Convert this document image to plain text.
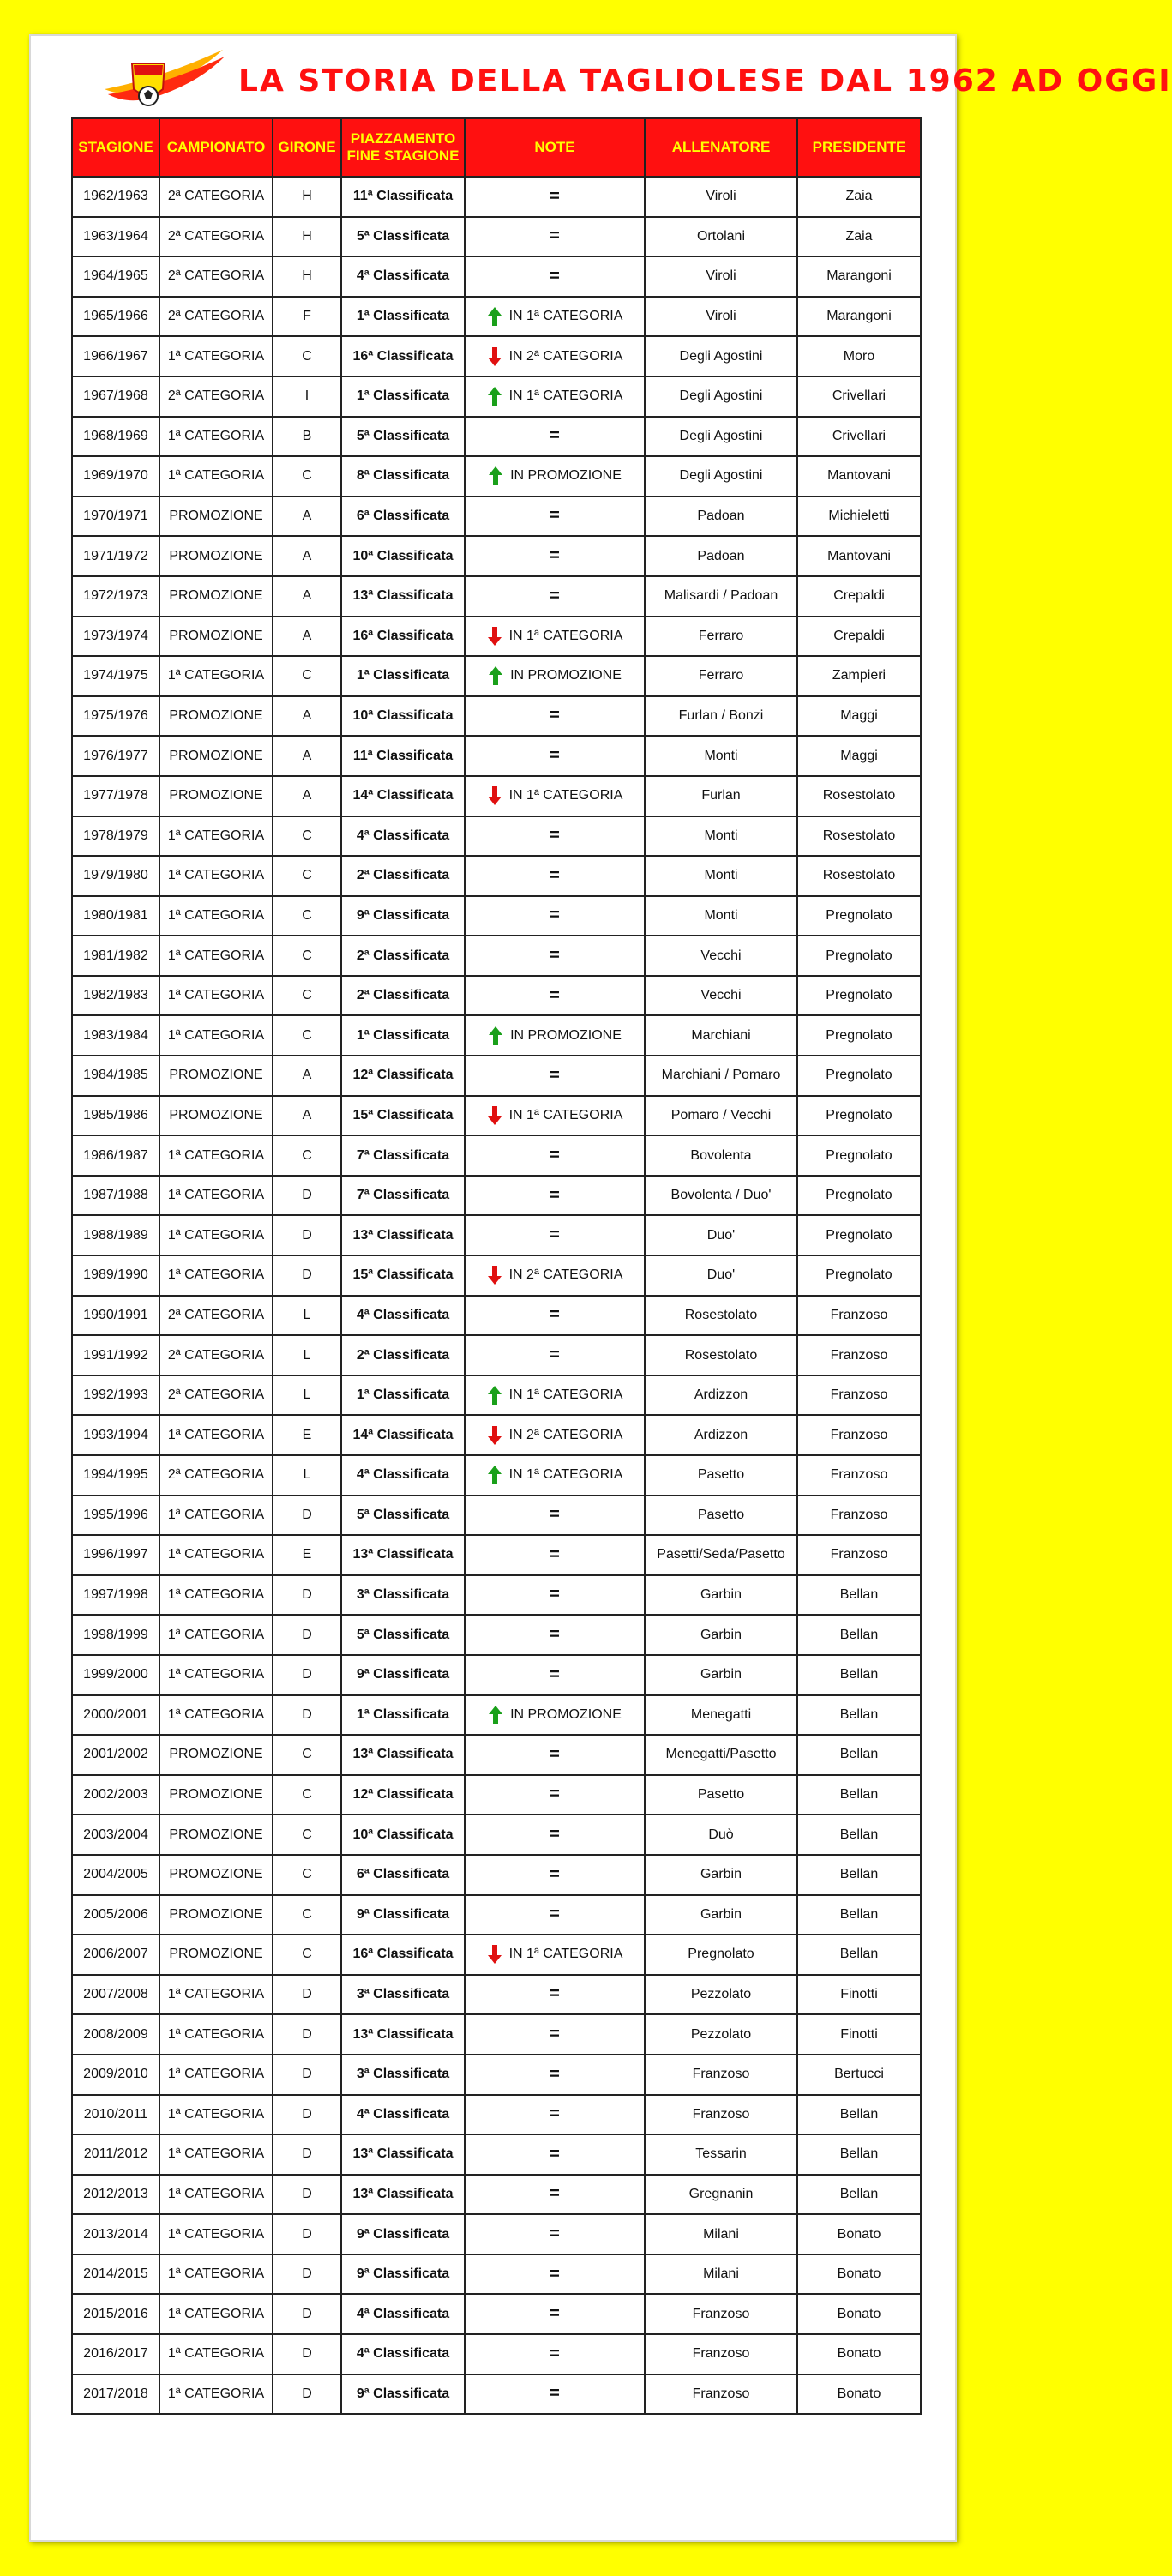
LA STORIA DELLA TAGLIOLESE DAL 1962 AD OGGI
STAGIONE	CAMPIONATO	GIRONE	PIAZZAMENTO FINE STAGIONE	NOTE	ALLENATORE	PRESIDENTE
1962/1963	2ª CATEGORIA	H	11ª Classificata	=	Viroli	Zaia
1963/1964	2ª CATEGORIA	H	5ª Classificata	=	Ortolani	Zaia
1964/1965	2ª CATEGORIA	H	4ª Classificata	=	Viroli	Marangoni
1965/1966	2ª CATEGORIA	F	1ª Classificata	IN 1ª CATEGORIA	Viroli	Marangoni
1966/1967	1ª CATEGORIA	C	16ª Classificata	IN 2ª CATEGORIA	Degli Agostini	Moro
1967/1968	2ª CATEGORIA	I	1ª Classificata	IN 1ª CATEGORIA	Degli Agostini	Crivellari
1968/1969	1ª CATEGORIA	B	5ª Classificata	=	Degli Agostini	Crivellari
1969/1970	1ª CATEGORIA	C	8ª Classificata	IN PROMOZIONE	Degli Agostini	Mantovani
1970/1971	PROMOZIONE	A	6ª Classificata	=	Padoan	Michieletti
1971/1972	PROMOZIONE	A	10ª Classificata	=	Padoan	Mantovani
1972/1973	PROMOZIONE	A	13ª Classificata	=	Malisardi / Padoan	Crepaldi
1973/1974	PROMOZIONE	A	16ª Classificata	IN 1ª CATEGORIA	Ferraro	Crepaldi
1974/1975	1ª CATEGORIA	C	1ª Classificata	IN PROMOZIONE	Ferraro	Zampieri
1975/1976	PROMOZIONE	A	10ª Classificata	=	Furlan / Bonzi	Maggi
1976/1977	PROMOZIONE	A	11ª Classificata	=	Monti	Maggi
1977/1978	PROMOZIONE	A	14ª Classificata	IN 1ª CATEGORIA	Furlan	Rosestolato
1978/1979	1ª CATEGORIA	C	4ª Classificata	=	Monti	Rosestolato
1979/1980	1ª CATEGORIA	C	2ª Classificata	=	Monti	Rosestolato
1980/1981	1ª CATEGORIA	C	9ª Classificata	=	Monti	Pregnolato
1981/1982	1ª CATEGORIA	C	2ª Classificata	=	Vecchi	Pregnolato
1982/1983	1ª CATEGORIA	C	2ª Classificata	=	Vecchi	Pregnolato
1983/1984	1ª CATEGORIA	C	1ª Classificata	IN PROMOZIONE	Marchiani	Pregnolato
1984/1985	PROMOZIONE	A	12ª Classificata	=	Marchiani / Pomaro	Pregnolato
1985/1986	PROMOZIONE	A	15ª Classificata	IN 1ª CATEGORIA	Pomaro / Vecchi	Pregnolato
1986/1987	1ª CATEGORIA	C	7ª Classificata	=	Bovolenta	Pregnolato
1987/1988	1ª CATEGORIA	D	7ª Classificata	=	Bovolenta / Duo'	Pregnolato
1988/1989	1ª CATEGORIA	D	13ª Classificata	=	Duo'	Pregnolato
1989/1990	1ª CATEGORIA	D	15ª Classificata	IN 2ª CATEGORIA	Duo'	Pregnolato
1990/1991	2ª CATEGORIA	L	4ª Classificata	=	Rosestolato	Franzoso
1991/1992	2ª CATEGORIA	L	2ª Classificata	=	Rosestolato	Franzoso
1992/1993	2ª CATEGORIA	L	1ª Classificata	IN 1ª CATEGORIA	Ardizzon	Franzoso
1993/1994	1ª CATEGORIA	E	14ª Classificata	IN 2ª CATEGORIA	Ardizzon	Franzoso
1994/1995	2ª CATEGORIA	L	4ª Classificata	IN 1ª CATEGORIA	Pasetto	Franzoso
1995/1996	1ª CATEGORIA	D	5ª Classificata	=	Pasetto	Franzoso
1996/1997	1ª CATEGORIA	E	13ª Classificata	=	Pasetti/Seda/Pasetto	Franzoso
1997/1998	1ª CATEGORIA	D	3ª Classificata	=	Garbin	Bellan
1998/1999	1ª CATEGORIA	D	5ª Classificata	=	Garbin	Bellan
1999/2000	1ª CATEGORIA	D	9ª Classificata	=	Garbin	Bellan
2000/2001	1ª CATEGORIA	D	1ª Classificata	IN PROMOZIONE	Menegatti	Bellan
2001/2002	PROMOZIONE	C	13ª Classificata	=	Menegatti/Pasetto	Bellan
2002/2003	PROMOZIONE	C	12ª Classificata	=	Pasetto	Bellan
2003/2004	PROMOZIONE	C	10ª Classificata	=	Duò	Bellan
2004/2005	PROMOZIONE	C	6ª Classificata	=	Garbin	Bellan
2005/2006	PROMOZIONE	C	9ª Classificata	=	Garbin	Bellan
2006/2007	PROMOZIONE	C	16ª Classificata	IN 1ª CATEGORIA	Pregnolato	Bellan
2007/2008	1ª CATEGORIA	D	3ª Classificata	=	Pezzolato	Finotti
2008/2009	1ª CATEGORIA	D	13ª Classificata	=	Pezzolato	Finotti
2009/2010	1ª CATEGORIA	D	3ª Classificata	=	Franzoso	Bertucci
2010/2011	1ª CATEGORIA	D	4ª Classificata	=	Franzoso	Bellan
2011/2012	1ª CATEGORIA	D	13ª Classificata	=	Tessarin	Bellan
2012/2013	1ª CATEGORIA	D	13ª Classificata	=	Gregnanin	Bellan
2013/2014	1ª CATEGORIA	D	9ª Classificata	=	Milani	Bonato
2014/2015	1ª CATEGORIA	D	9ª Classificata	=	Milani	Bonato
2015/2016	1ª CATEGORIA	D	4ª Classificata	=	Franzoso	Bonato
2016/2017	1ª CATEGORIA	D	4ª Classificata	=	Franzoso	Bonato
2017/2018	1ª CATEGORIA	D	9ª Classificata	=	Franzoso	Bonato
